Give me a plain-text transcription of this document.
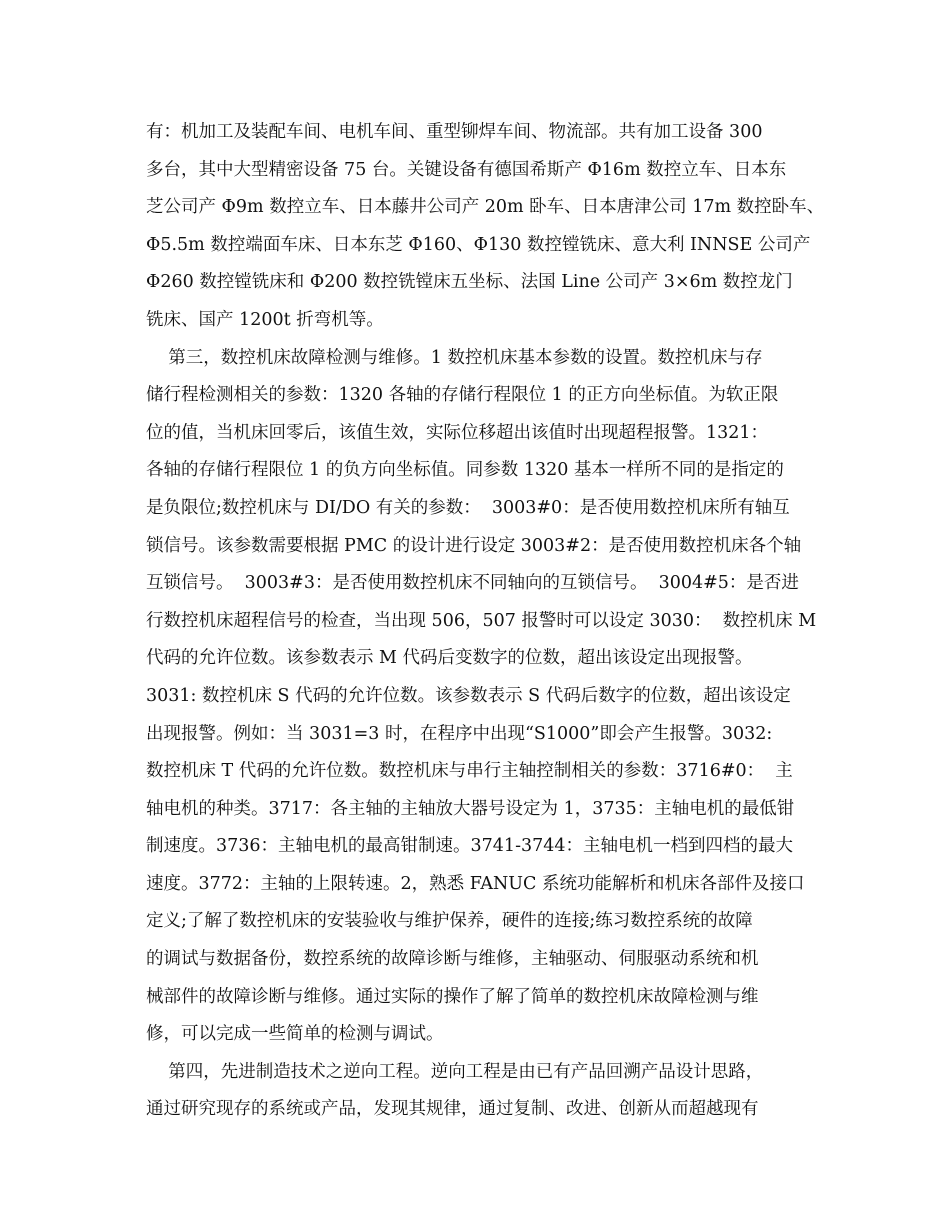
有：机加工及装配车间、电机车间、重型铆焊车间、物流部。共有加工设备 300
多台，其中大型精密设备 75 台。关键设备有德国希斯产 Φ16m 数控立车、日本东
芝公司产 Φ9m 数控立车、日本藤井公司产 20m 卧车、日本唐津公司 17m 数控卧车、
Φ5.5m 数控端面车床、日本东芝 Φ160、Φ130 数控镗铣床、意大利 INNSE 公司产
Φ260 数控镗铣床和 Φ200 数控铣镗床五坐标、法国 Line 公司产 3×6m 数控龙门
铣床、国产 1200t 折弯机等。
第三，数控机床故障检测与维修。1 数控机床基本参数的设置。数控机床与存
储行程检测相关的参数：1320 各轴的存储行程限位 1 的正方向坐标值。为软正限
位的值，当机床回零后，该值生效，实际位移超出该值时出现超程报警。1321：
各轴的存储行程限位 1 的负方向坐标值。同参数 1320 基本一样所不同的是指定的
是负限位;数控机床与 DI/DO 有关的参数：  3003#0：是否使用数控机床所有轴互
锁信号。该参数需要根据 PMC 的设计进行设定 3003#2：是否使用数控机床各个轴
互锁信号。  3003#3：是否使用数控机床不同轴向的互锁信号。  3004#5：是否进
行数控机床超程信号的检查，当出现 506，507 报警时可以设定 3030：  数控机床 M
代码的允许位数。该参数表示 M 代码后变数字的位数，超出该设定出现报警。
3031: 数控机床 S 代码的允许位数。该参数表示 S 代码后数字的位数，超出该设定
出现报警。例如：当 3031=3 时，在程序中出现“S1000”即会产生报警。3032:
数控机床 T 代码的允许位数。数控机床与串行主轴控制相关的参数：3716#0：  主
轴电机的种类。3717：各主轴的主轴放大器号设定为 1，3735：主轴电机的最低钳
制速度。3736：主轴电机的最高钳制速。3741-3744：主轴电机一档到四档的最大
速度。3772：主轴的上限转速。2，熟悉 FANUC 系统功能解析和机床各部件及接口
定义;了解了数控机床的安装验收与维护保养，硬件的连接;练习数控系统的故障
的调试与数据备份，数控系统的故障诊断与维修，主轴驱动、伺服驱动系统和机
械部件的故障诊断与维修。通过实际的操作了解了简单的数控机床故障检测与维
修，可以完成一些简单的检测与调试。
第四，先进制造技术之逆向工程。逆向工程是由已有产品回溯产品设计思路，
通过研究现存的系统或产品，发现其规律，通过复制、改进、创新从而超越现有
